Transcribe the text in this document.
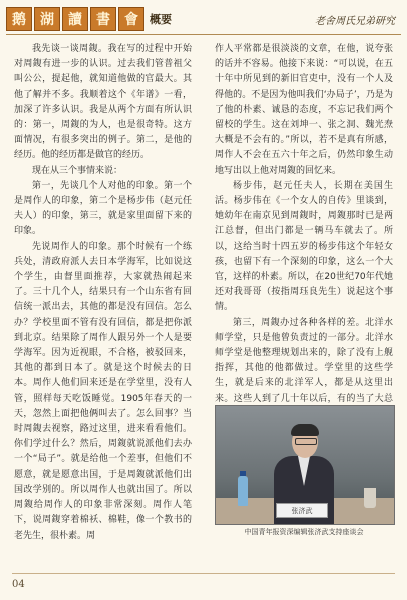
鹅	湖	讀	書	會	概要	老舍周氏兄弟研究

我先谈一谈周鍑。我在写的过程中开始对周鍑有进一步的认识。过去我们管普祖父叫公公，提起他，就知道他做的官最大。其他了解并不多。我顺着这个《年谱》一看，加深了许多认识。我是从两个方面有所认识的：第一，周鍑的为人，也是很奇特。这方面情况，有很多突出的例子。第二，是他的经历。他的经历都是做官的经历。

现在从三个事情来说：

第一，先谈几个人对他的印象。第一个是周作人的印象，第二个是杨步伟（赵元任夫人）的印象，第三，就是家里面留下来的印象。

先说周作人的印象。那个时候有一个练兵处，清政府派人去日本学海军，比如说这个学生，由督里面推荐，大家就热闹起来了。三十几个人，结果只有一个山东省有回信统一派出去，其他的都是没有回信。怎么办？学校里面不管有没有回信，都是把你派到北京。结果除了周作人跟另外一个人是要学海军。因为近视眼，不合格，被驳回来，其他的都到日本了。就是这个时候去的日本。周作人他们回来还是在学堂里，没有人管，照样每天吃饭睡觉。1905年春天的一天，忽然上面把他俩叫去了。怎么回事？当时周鍑去视察，路过这里，进来看看他们。你们学过什么？然后，周鍑就说派他们去办一个“局子”。就是给他一个差事，但他们不愿意，就是愿意出国，于是周鍑就派他们出国改学别的。所以周作人也就出国了。所以周鍑给周作人的印象非常深刻。周作人笔下，说周鍑穿着棉袄、棉鞋，像一个教书的老先生，很朴素。周

作人平常都是很淡淡的文章，在他，说夸张的话并不容易。他接下来说：“可以说，在五十年中所见到的新旧官吏中，没有一个人及得他的。不是因为他叫我们‘办局子’，乃是为了他的朴素、诚恳的态度，不忘记我们两个留校的学生。这在刘坤一、张之洞、魏光焘大概是不会有的。”所以，若不是真有所感，周作人不会在五六十年之后，仍然印象生动地写出以上他对周鍑的回忆来。

杨步伟，赵元任夫人，长期在美国生活。杨步伟在《一个女人的自传》里谈到，她幼年在南京见到周鍑时，周鍑那时已是两江总督，但出门都是一辆马车就去了。所以，这给当时十四五岁的杨步伟这个年轻女孩，也留下有一个深刻的印象，这么一个大官，这样的朴素。所以，在20世纪70年代她还对我哥哥（按指周珏良先生）说起这个事情。

第三，周鍑办过各种各样的差。北洋水师学堂，只是他曾负责过的一部分。北洋水师学堂是他整理规划出来的，除了没有上舰指挥，其他的他都做过。学堂里的这些学生，就是后来的北洋军人，都是从这里出来。这些人到了几十年以后，有的当了大总

张济武
中国青年报资深编辑张济武支持座谈会
04
